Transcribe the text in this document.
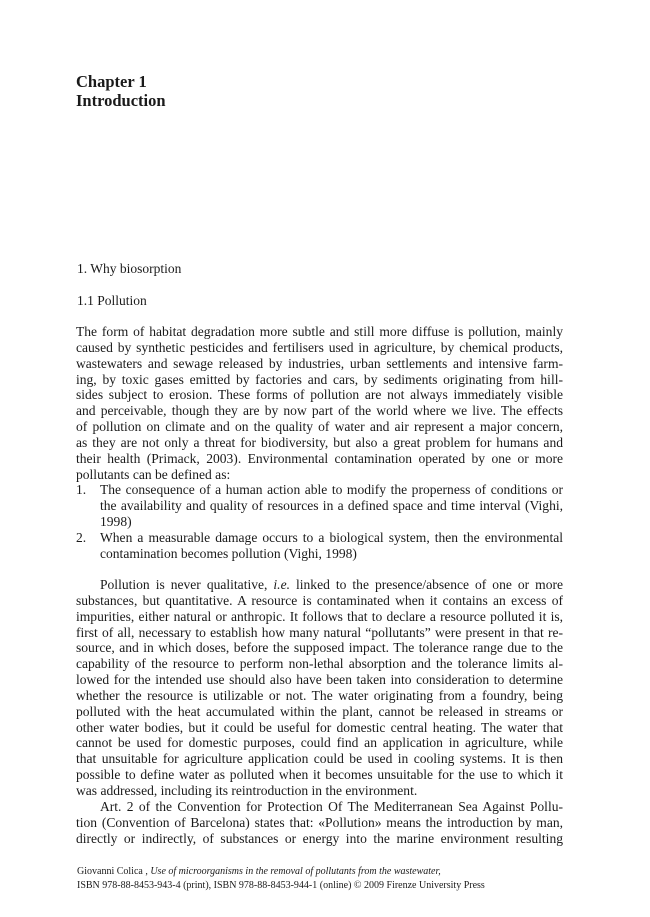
Chapter 1
Introduction
1. Why biosorption
1.1 Pollution
The form of habitat degradation more subtle and still more diffuse is pollution, mainly
caused by synthetic pesticides and fertilisers used in agriculture, by chemical products,
wastewaters and sewage released by industries, urban settlements and intensive farm-
ing, by toxic gases emitted by factories and cars, by sediments originating from hill-
sides subject to erosion. These forms of pollution are not always immediately visible
and perceivable, though they are by now part of the world where we live. The effects
of pollution on climate and on the quality of water and air represent a major concern,
as they are not only a threat for biodiversity, but also a great problem for humans and
their health (Primack, 2003). Environmental contamination operated by one or more
pollutants can be defined as:
1. The consequence of a human action able to modify the properness of conditions or
the availability and quality of resources in a defined space and time interval (Vighi,
1998)
2. When a measurable damage occurs to a biological system, then the environmental
contamination becomes pollution (Vighi, 1998)
Pollution is never qualitative, i.e. linked to the presence/absence of one or more
substances, but quantitative. A resource is contaminated when it contains an excess of
impurities, either natural or anthropic. It follows that to declare a resource polluted it is,
first of all, necessary to establish how many natural “pollutants” were present in that re-
source, and in which doses, before the supposed impact. The tolerance range due to the
capability of the resource to perform non-lethal absorption and the tolerance limits al-
lowed for the intended use should also have been taken into consideration to determine
whether the resource is utilizable or not. The water originating from a foundry, being
polluted with the heat accumulated within the plant, cannot be released in streams or
other water bodies, but it could be useful for domestic central heating. The water that
cannot be used for domestic purposes, could find an application in agriculture, while
that unsuitable for agriculture application could be used in cooling systems. It is then
possible to define water as polluted when it becomes unsuitable for the use to which it
was addressed, including its reintroduction in the environment.
Art. 2 of the Convention for Protection Of The Mediterranean Sea Against Pollu-
tion (Convention of Barcelona) states that: «Pollution» means the introduction by man,
directly or indirectly, of substances or energy into the marine environment resulting
Giovanni Colica , Use of microorganisms in the removal of pollutants from the wastewater,
ISBN 978-88-8453-943-4 (print), ISBN 978-88-8453-944-1 (online) © 2009 Firenze University Press
